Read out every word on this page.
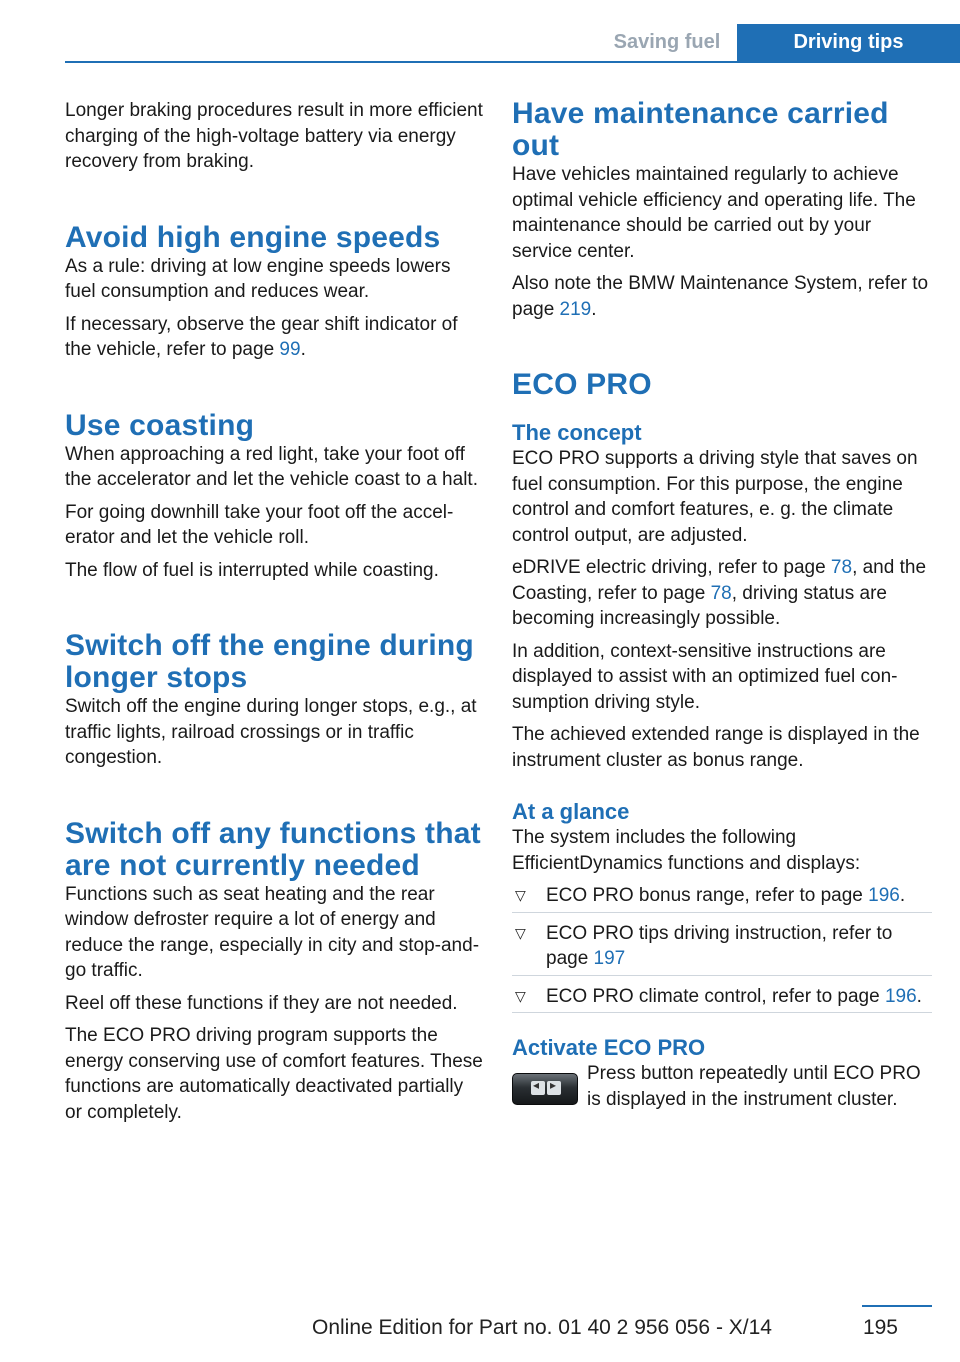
Saving fuel	Driving tips

Longer braking procedures result in more efficient charging of the high-voltage battery via energy recovery from braking.

Avoid high engine speeds

As a rule: driving at low engine speeds lowers fuel consumption and reduces wear.

If necessary, observe the gear shift indicator of the vehicle, refer to page 99.

Use coasting

When approaching a red light, take your foot off the accelerator and let the vehicle coast to a halt.

For going downhill take your foot off the accelerator and let the vehicle roll.

The flow of fuel is interrupted while coasting.

Switch off the engine during longer stops

Switch off the engine during longer stops, e.g., at traffic lights, railroad crossings or in traffic congestion.

Switch off any functions that are not currently needed

Functions such as seat heating and the rear window defroster require a lot of energy and reduce the range, especially in city and stop-and-go traffic.

Reel off these functions if they are not needed.

The ECO PRO driving program supports the energy conserving use of comfort features. These functions are automatically deactivated partially or completely.

Have maintenance carried out

Have vehicles maintained regularly to achieve optimal vehicle efficiency and operating life. The maintenance should be carried out by your service center.

Also note the BMW Maintenance System, refer to page 219.

ECO PRO
The concept

ECO PRO supports a driving style that saves on fuel consumption. For this purpose, the engine control and comfort features, e. g. the climate control output, are adjusted.

eDRIVE electric driving, refer to page 78, and the Coasting, refer to page 78, driving status are becoming increasingly possible.

In addition, context-sensitive instructions are displayed to assist with an optimized fuel consumption driving style.

The achieved extended range is displayed in the instrument cluster as bonus range.

At a glance

The system includes the following EfficientDynamics functions and displays:

▽ ECO PRO bonus range, refer to page 196.
▽ ECO PRO tips driving instruction, refer to page 197
▽ ECO PRO climate control, refer to page 196.
Activate ECO PRO
◂
▸

Press button repeatedly until ECO PRO is displayed in the instrument cluster.

195
Online Edition for Part no. 01 40 2 956 056 - X/14
